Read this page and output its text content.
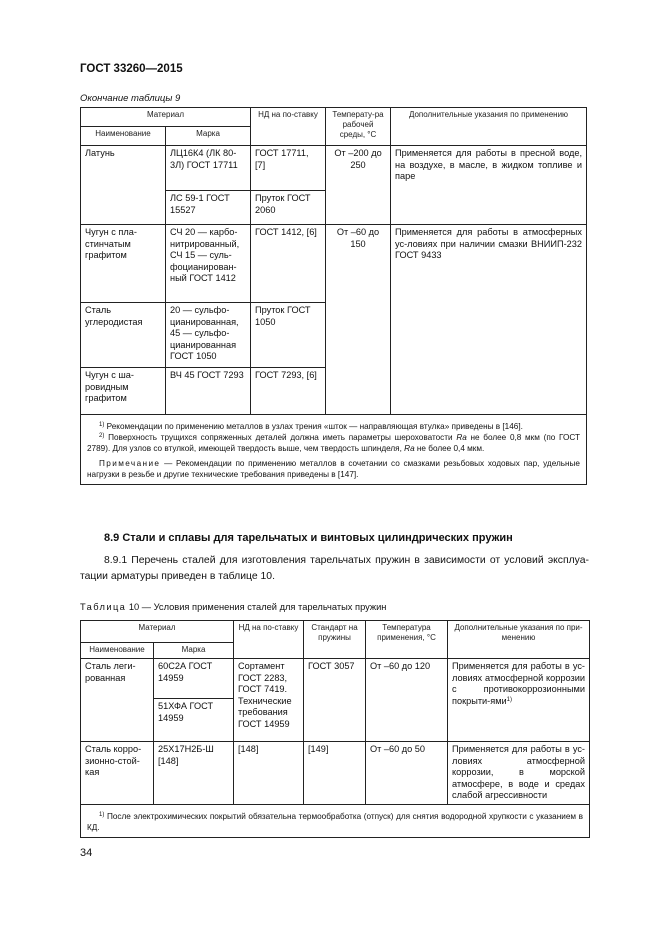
ГОСТ 33260—2015
Окончание таблицы 9
Материал		НД на по-ставку	Температу-ра рабочей среды, °С	Дополнительные указания по применению
Наименование	Марка			
Латунь	ЛЦ16К4 (ЛК 80-3Л) ГОСТ 17711	ГОСТ 17711, [7]	От –200 до 250	Применяется для работы в пресной воде, на воздухе, в масле, в жидком топливе и паре
	ЛС 59-1 ГОСТ 15527	Пруток ГОСТ 2060		
Чугун с пла-стинчатым графитом	СЧ 20 — карбо-нитрированный, СЧ 15 — суль-фоцианирован-ный ГОСТ 1412	ГОСТ 1412, [6]	От –60 до 150	Применяется для работы в атмосферных ус-ловиях при наличии смазки ВНИИП-232 ГОСТ 9433
Сталь углеродистая	20 — сульфо-цианированная, 45 — сульфо-цианированная ГОСТ 1050	Пруток ГОСТ 1050		
Чугун с ша-ровидным графитом	ВЧ 45 ГОСТ 7293	ГОСТ 7293, [6]		

$^{1)}$ Рекомендации по применению металлов в узлах трения «шток — направляющая втулка» приведены в [146].

$^{2)}$ Поверхность трущихся сопряженных деталей должна иметь параметры шероховатости Ra не более 0,8 мкм (по ГОСТ 2789). Для узлов со втулкой, имеющей твердость выше, чем твердость шпинделя, Ra не более 0,4 мкм.

Примечание — Рекомендации по применению металлов в сочетании со смазками резьбовых ходовых пар, удельные нагрузки в резьбе и другие технические требования приведены в [147].				

8.9 Стали и сплавы для тарельчатых и винтовых цилиндрических пружин
8.9.1 Перечень сталей для изготовления тарельчатых пружин в зависимости от условий эксплуа-тации арматуры приведен в таблице 10.
Таблица 10 — Условия применения сталей для тарельчатых пружин
Материал		НД на по-ставку	Стандарт на пружины	Температура применения, °С	Дополнительные указания по при-менению
Наименование	Марка				
Сталь леги-рованная	60С2А ГОСТ 14959	Сортамент ГОСТ 2283, ГОСТ 7419. Технические требования ГОСТ 14959	ГОСТ 3057	От –60 до 120	Применяется для работы в ус-ловиях атмосферной коррозии с противокоррозионными покрыти-ями$^{1)}$
	51ХФА ГОСТ 14959				
Сталь корро-зионно-стой-кая	25Х17Н2Б-Ш [148]	[148]	[149]	От –60 до 50	Применяется для работы в ус-ловиях атмосферной коррозии, в морской атмосфере, в воде и средах слабой агрессивности

$^{1)}$ После электрохимических покрытий обязательна термообработка (отпуск) для снятия водородной хрупкости с указанием в КД.					

34
